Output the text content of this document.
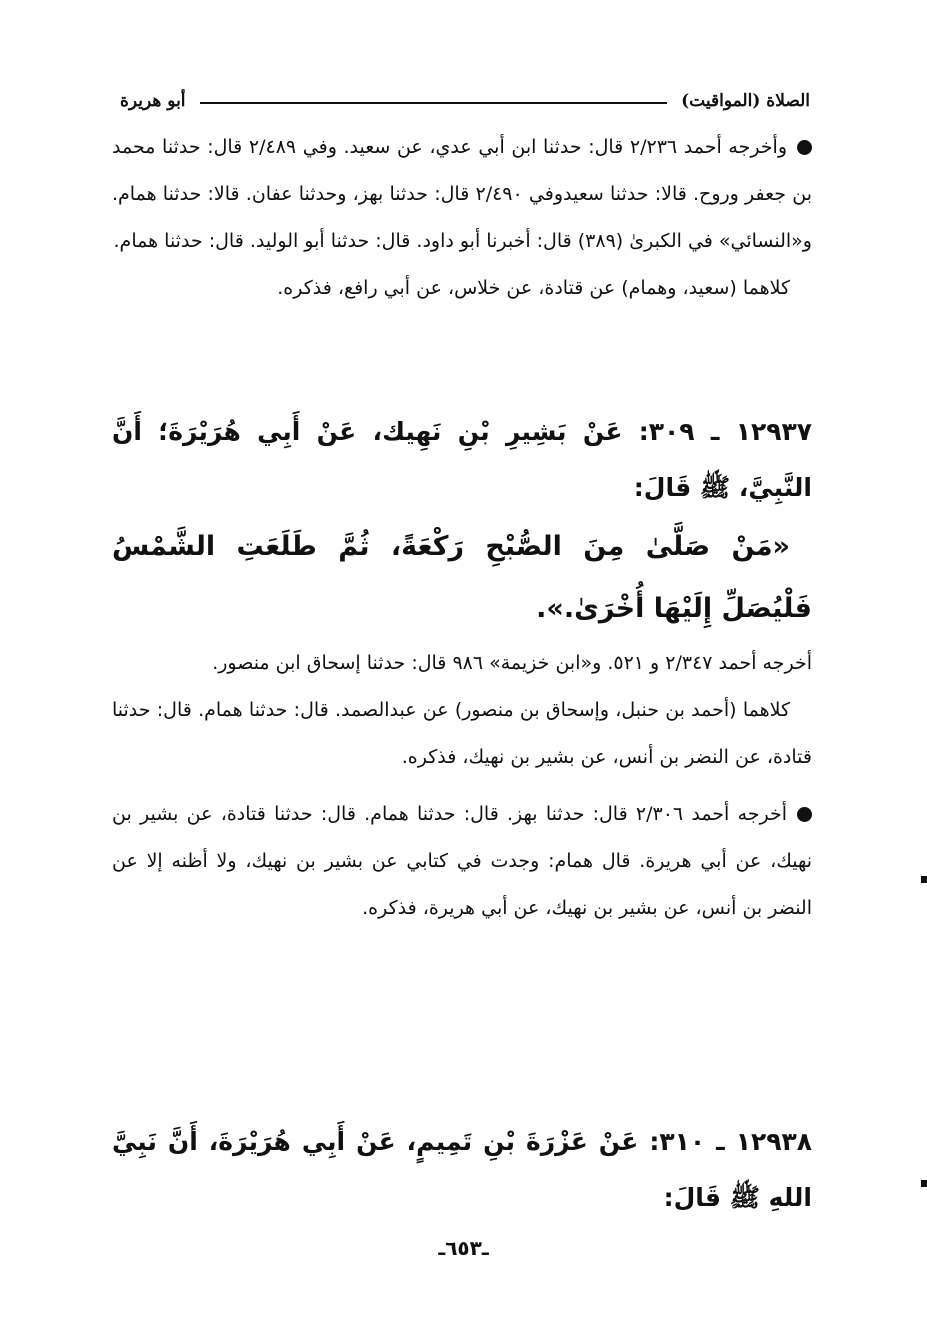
الصلاة (المواقيت)
أبو هريرة

وأخرجه أحمد ٢/٢٣٦ قال: حدثنا ابن أبي عدي، عن سعيد. وفي ٢/٤٨٩ قال: حدثنا محمد بن جعفر وروح. قالا: حدثنا سعيدوفي ٢/٤٩٠ قال: حدثنا بهز، وحدثنا عفان. قالا: حدثنا همام. و«النسائي» في الكبرىٰ (٣٨٩) قال: أخبرنا أبو داود. قال: حدثنا أبو الوليد. قال: حدثنا همام.

كلاهما (سعيد، وهمام) عن قتادة، عن خلاس، عن أبي رافع، فذكره.

١٢٩٣٧ ـ ٣٠٩: عَنْ بَشِيرِ بْنِ نَهِيك، عَنْ أَبِي هُرَيْرَةَ؛ أَنَّ النَّبِيَّ، ﷺ قَالَ:

«مَنْ صَلَّىٰ مِنَ الصُّبْحِ رَكْعَةً، ثُمَّ طَلَعَتِ الشَّمْسُ فَلْيُصَلِّ إِلَيْهَا أُخْرَىٰ.».

أخرجه أحمد ٢/٣٤٧ و ٥٢١. و«ابن خزيمة» ٩٨٦ قال: حدثنا إسحاق ابن منصور.

كلاهما (أحمد بن حنبل، وإسحاق بن منصور) عن عبدالصمد. قال: حدثنا همام. قال: حدثنا قتادة، عن النضر بن أنس، عن بشير بن نهيك، فذكره.

أخرجه أحمد ٢/٣٠٦ قال: حدثنا بهز. قال: حدثنا همام. قال: حدثنا قتادة، عن بشير بن نهيك، عن أبي هريرة. قال همام: وجدت في كتابي عن بشير بن نهيك، ولا أظنه إلا عن النضر بن أنس، عن بشير بن نهيك، عن أبي هريرة، فذكره.

١٢٩٣٨ ـ ٣١٠: عَنْ عَزْرَةَ بْنِ تَمِيمٍ، عَنْ أَبِي هُرَيْرَةَ، أَنَّ نَبِيَّ اللهِ ﷺ قَالَ:

ـ٦٥٣ـ
